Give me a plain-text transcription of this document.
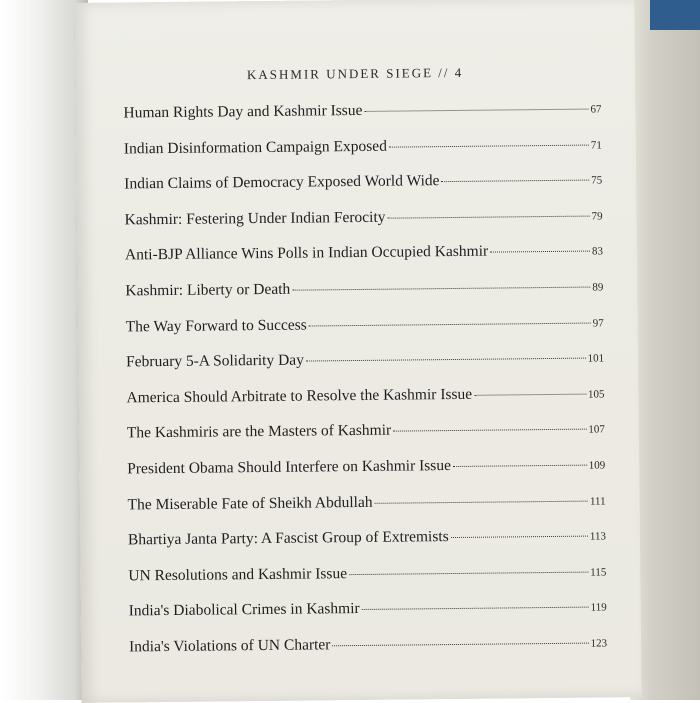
KASHMIR UNDER SIEGE // 4
Human Rights Day and Kashmir Issue	67
Indian Disinformation Campaign Exposed	71
Indian Claims of Democracy Exposed World Wide	75
Kashmir: Festering Under Indian Ferocity	79
Anti-BJP Alliance Wins Polls in Indian Occupied Kashmir	83
Kashmir: Liberty or Death	89
The Way Forward to Success	97
February 5-A Solidarity Day	101
America Should Arbitrate to Resolve the Kashmir Issue	105
The Kashmiris are the Masters of Kashmir	107
President Obama Should Interfere on Kashmir Issue	109
The Miserable Fate of Sheikh Abdullah	111
Bhartiya Janta Party: A Fascist Group of Extremists	113
UN Resolutions and Kashmir Issue	115
India's Diabolical Crimes in Kashmir	119
India's Violations of UN Charter	123
